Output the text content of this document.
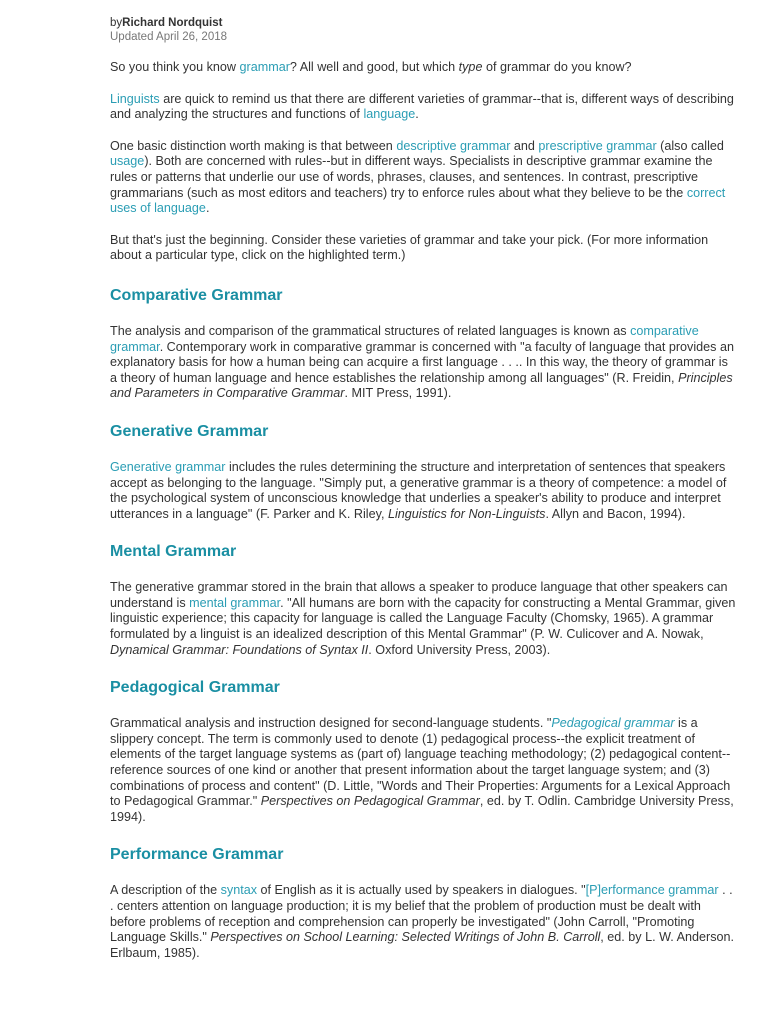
byRichard Nordquist
Updated April 26, 2018

So you think you know grammar? All well and good, but which type of grammar do you know?

Linguists are quick to remind us that there are different varieties of grammar--that is, different ways of describing and analyzing the structures and functions of language.

One basic distinction worth making is that between descriptive grammar and prescriptive grammar (also called usage). Both are concerned with rules--but in different ways. Specialists in descriptive grammar examine the rules or patterns that underlie our use of words, phrases, clauses, and sentences. In contrast, prescriptive grammarians (such as most editors and teachers) try to enforce rules about what they believe to be the correct uses of language.

But that's just the beginning. Consider these varieties of grammar and take your pick. (For more information about a particular type, click on the highlighted term.)

Comparative Grammar

The analysis and comparison of the grammatical structures of related languages is known as comparative grammar. Contemporary work in comparative grammar is concerned with "a faculty of language that provides an explanatory basis for how a human being can acquire a first language . . .. In this way, the theory of grammar is a theory of human language and hence establishes the relationship among all languages" (R. Freidin, Principles and Parameters in Comparative Grammar. MIT Press, 1991).

Generative Grammar

Generative grammar includes the rules determining the structure and interpretation of sentences that speakers accept as belonging to the language. "Simply put, a generative grammar is a theory of competence: a model of the psychological system of unconscious knowledge that underlies a speaker's ability to produce and interpret utterances in a language" (F. Parker and K. Riley, Linguistics for Non-Linguists. Allyn and Bacon, 1994).

Mental Grammar

The generative grammar stored in the brain that allows a speaker to produce language that other speakers can understand is mental grammar. "All humans are born with the capacity for constructing a Mental Grammar, given linguistic experience; this capacity for language is called the Language Faculty (Chomsky, 1965). A grammar formulated by a linguist is an idealized description of this Mental Grammar" (P. W. Culicover and A. Nowak, Dynamical Grammar: Foundations of Syntax II. Oxford University Press, 2003).

Pedagogical Grammar

Grammatical analysis and instruction designed for second-language students. "Pedagogical grammar is a slippery concept. The term is commonly used to denote (1) pedagogical process--the explicit treatment of elements of the target language systems as (part of) language teaching methodology; (2) pedagogical content--reference sources of one kind or another that present information about the target language system; and (3) combinations of process and content" (D. Little, "Words and Their Properties: Arguments for a Lexical Approach to Pedagogical Grammar." Perspectives on Pedagogical Grammar, ed. by T. Odlin. Cambridge University Press, 1994).

Performance Grammar

A description of the syntax of English as it is actually used by speakers in dialogues. "[P]erformance grammar . . . centers attention on language production; it is my belief that the problem of production must be dealt with before problems of reception and comprehension can properly be investigated" (John Carroll, "Promoting Language Skills." Perspectives on School Learning: Selected Writings of John B. Carroll, ed. by L. W. Anderson. Erlbaum, 1985).
